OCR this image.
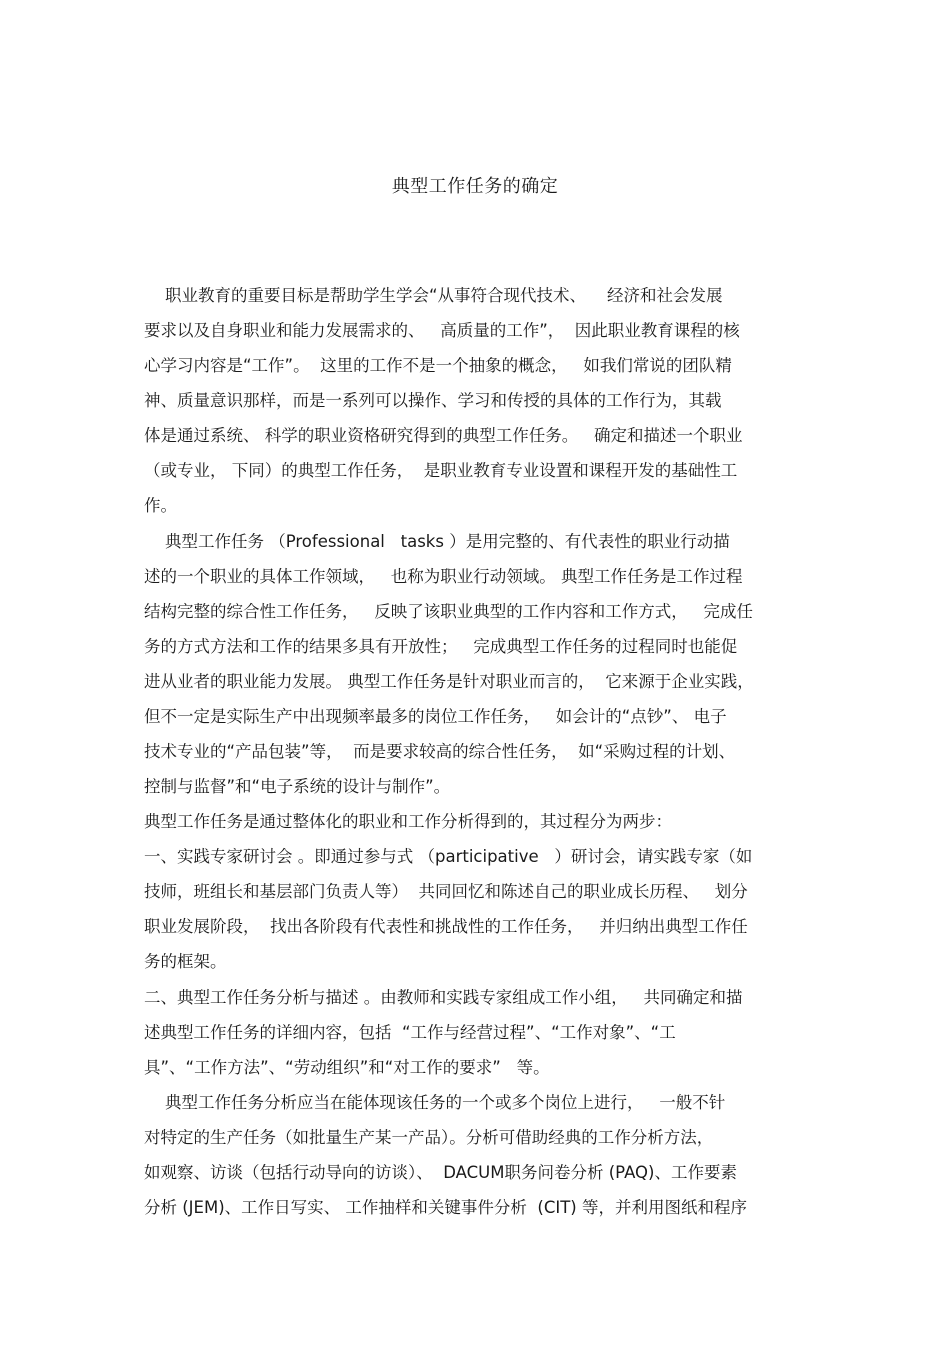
典型工作任务的确定
职业教育的重要目标是帮助学生学会“从事符合现代技术、    经济和社会发展
要求以及自身职业和能力发展需求的、   高质量的工作”，  因此职业教育课程的核
心学习内容是“工作”。  这里的工作不是一个抽象的概念，   如我们常说的团队精
神、质量意识那样，而是一系列可以操作、学习和传授的具体的工作行为，其载
体是通过系统、 科学的职业资格研究得到的典型工作任务。   确定和描述一个职业
（或专业， 下同）的典型工作任务，  是职业教育专业设置和课程开发的基础性工
作。
典型工作任务 （Professional   tasks ）是用完整的、有代表性的职业行动描
述的一个职业的具体工作领域，   也称为职业行动领域。 典型工作任务是工作过程
结构完整的综合性工作任务，   反映了该职业典型的工作内容和工作方式，   完成任
务的方式方法和工作的结果多具有开放性；   完成典型工作任务的过程同时也能促
进从业者的职业能力发展。 典型工作任务是针对职业而言的，  它来源于企业实践，
但不一定是实际生产中出现频率最多的岗位工作任务，   如会计的“点钞”、 电子
技术专业的“产品包装”等，  而是要求较高的综合性任务，  如“采购过程的计划、
控制与监督”和“电子系统的设计与制作”。
典型工作任务是通过整体化的职业和工作分析得到的，其过程分为两步：
一、实践专家研讨会 。即通过参与式 （participative   ）研讨会，请实践专家（如
技师，班组长和基层部门负责人等）  共同回忆和陈述自己的职业成长历程、   划分
职业发展阶段，  找出各阶段有代表性和挑战性的工作任务，   并归纳出典型工作任
务的框架。
二、典型工作任务分析与描述 。由教师和实践专家组成工作小组，   共同确定和描
述典型工作任务的详细内容，包括  “工作与经营过程”、“工作对象”、“工
具”、“工作方法”、“劳动组织”和“对工作的要求”   等。
典型工作任务分析应当在能体现该任务的一个或多个岗位上进行，   一般不针
对特定的生产任务（如批量生产某一产品）。分析可借助经典的工作分析方法，
如观察、访谈（包括行动导向的访谈）、  DACUM职务问卷分析 (PAQ)、工作要素
分析 (JEM)、工作日写实、 工作抽样和关键事件分析  (CIT) 等，并利用图纸和程序
